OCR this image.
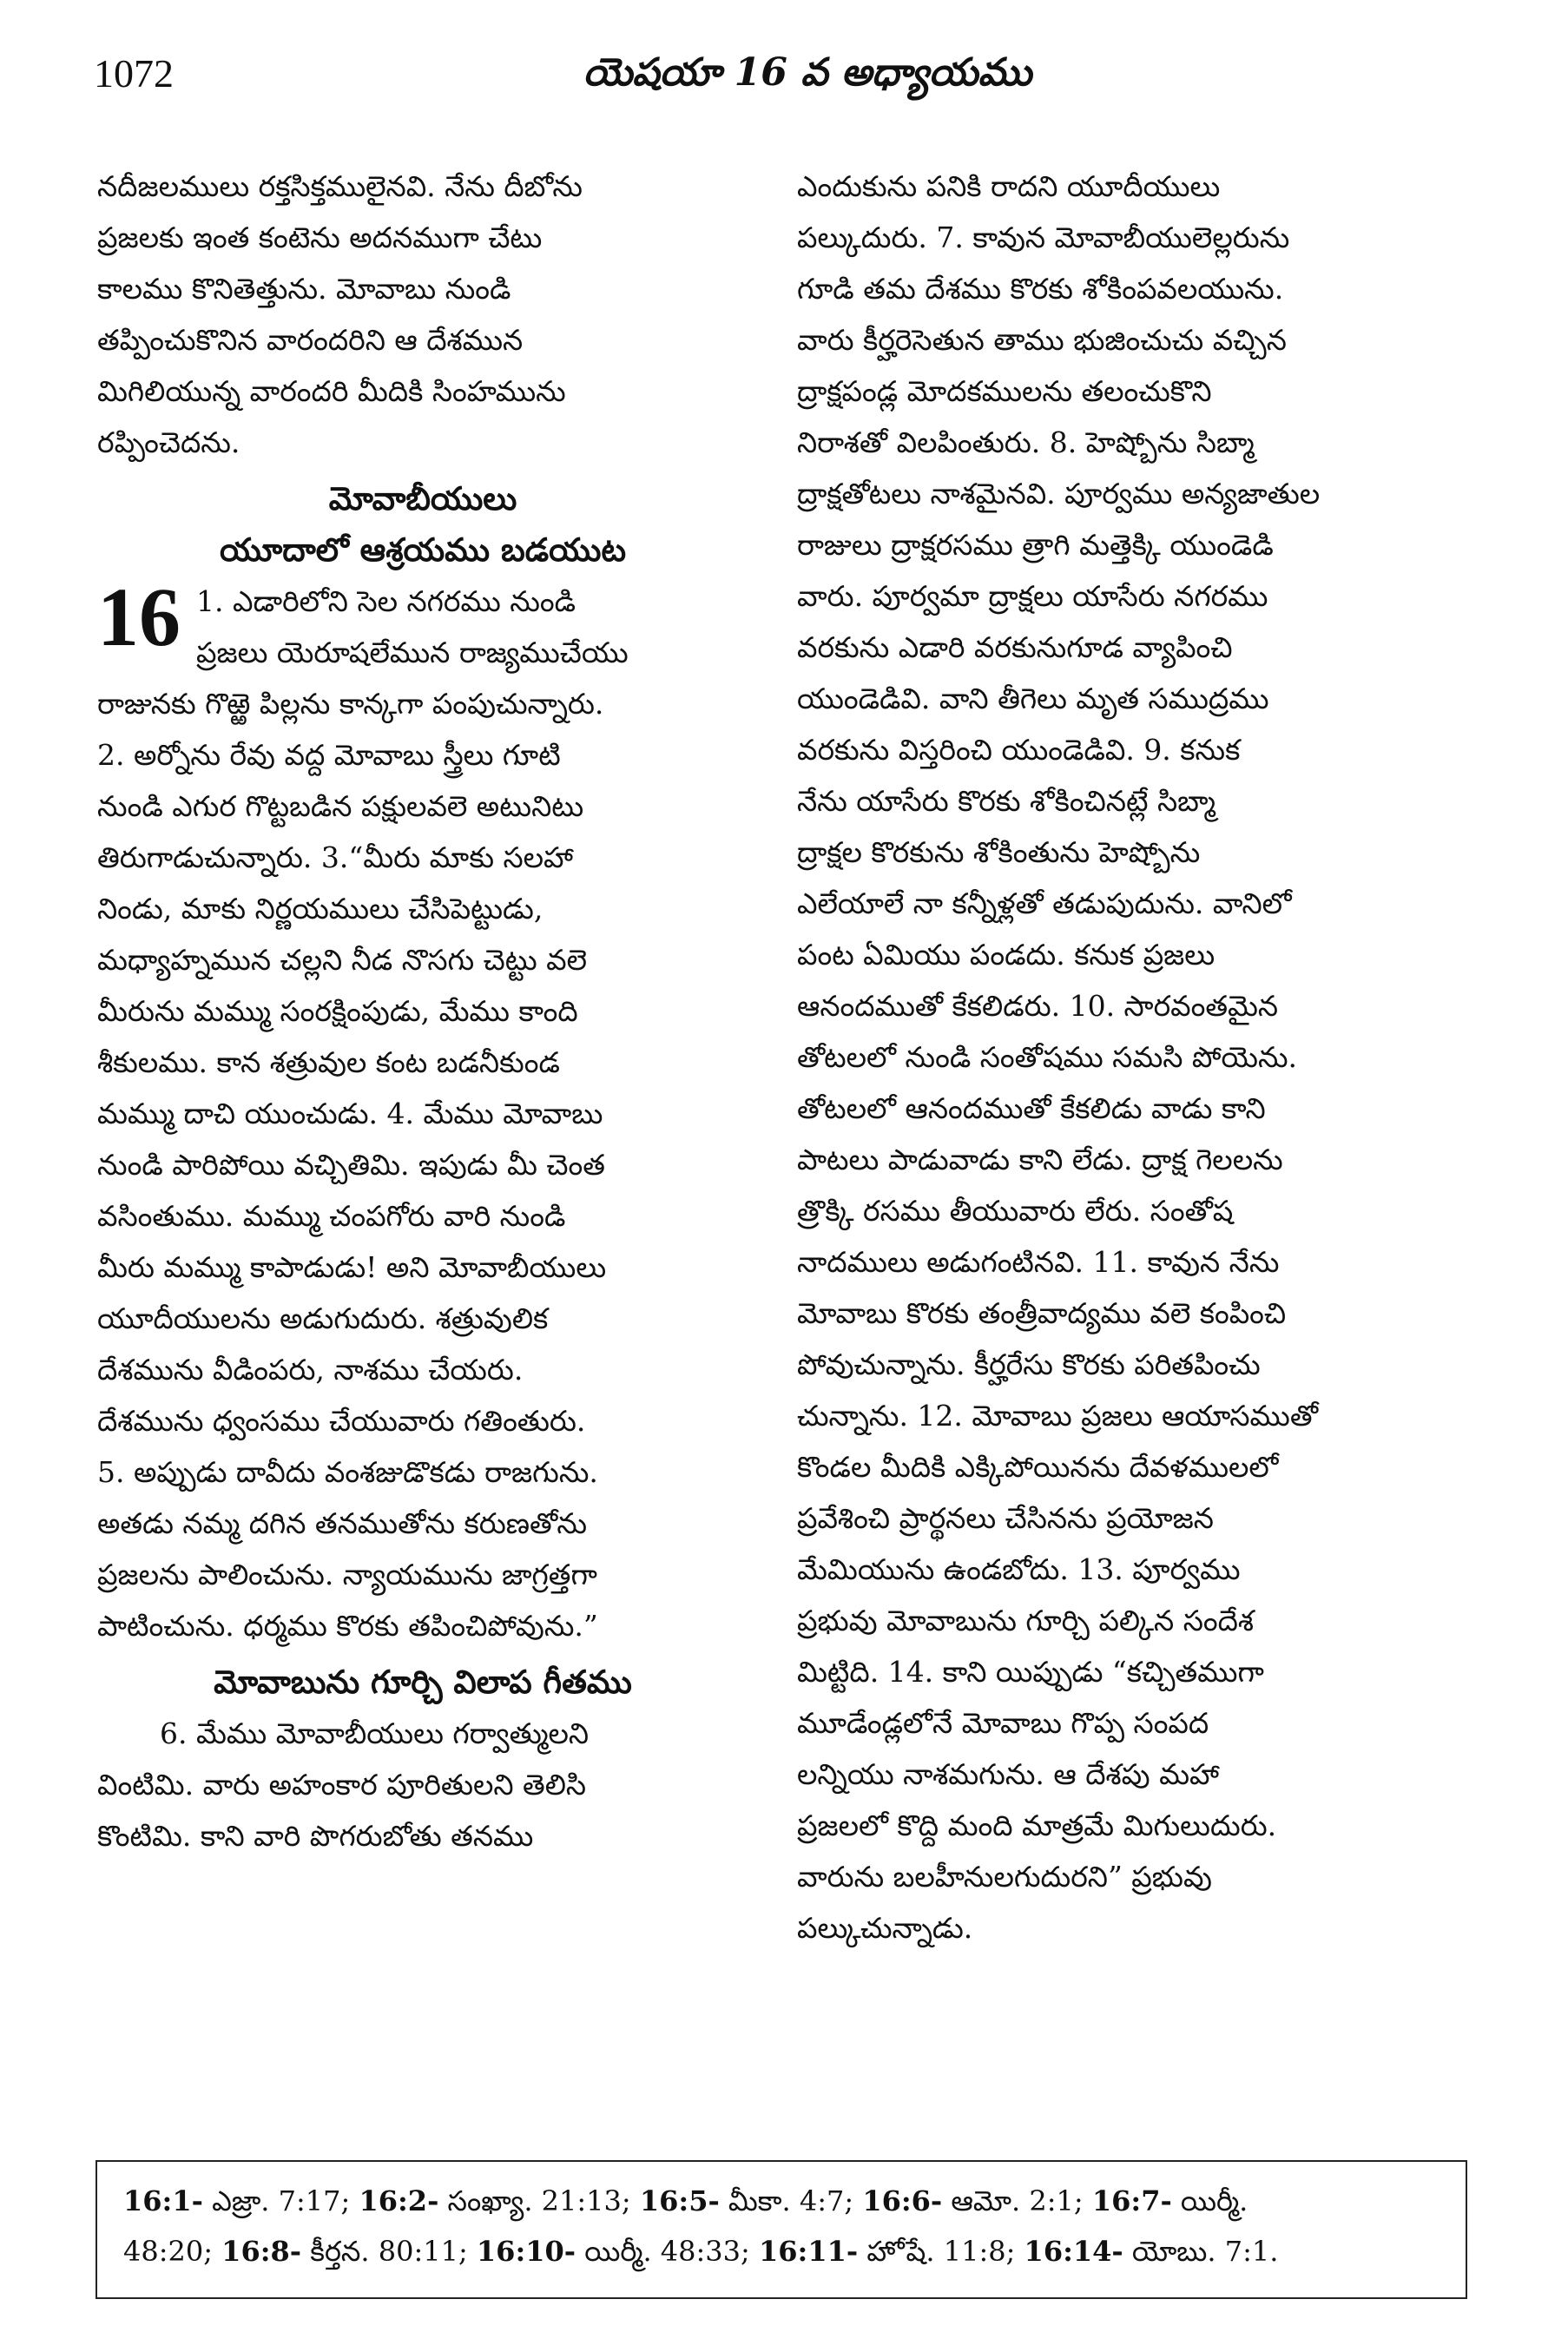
1072	యెషయా 16 వ అధ్యాయము
నదీజలములు రక్తసిక్తములైనవి. నేను దీబోను
ప్రజలకు ఇంత కంటెను అదనముగా చేటు
కాలము కొనితెత్తును. మోవాబు నుండి
తప్పించుకొనిన వారందరిని ఆ దేశమున
మిగిలియున్న వారందరి మీదికి సింహమును
రప్పించెదను.
మోవాబీయులు
యూదాలో ఆశ్రయము బడయుట
16 1. ఎడారిలోని సెల నగరము నుండి
ప్రజలు యెరూషలేమున రాజ్యముచేయు
రాజునకు గొఱ్ఱె పిల్లను కాన్కగా పంపుచున్నారు.
2. అర్నోను రేవు వద్ద మోవాబు స్త్రీలు గూటి
నుండి ఎగుర గొట్టబడిన పక్షులవలె అటునిటు
తిరుగాడుచున్నారు. 3.“మీరు మాకు సలహా
నిండు, మాకు నిర్ణయములు చేసిపెట్టుడు,
మధ్యాహ్నమున చల్లని నీడ నొసగు చెట్టు వలె
మీరును మమ్ము సంరక్షింపుడు, మేము కాంది
శీకులము. కాన శత్రువుల కంట బడనీకుండ
మమ్ము దాచి యుంచుడు. 4. మేము మోవాబు
నుండి పారిపోయి వచ్చితిమి. ఇపుడు మీ చెంత
వసింతుము. మమ్ము చంపగోరు వారి నుండి
మీరు మమ్ము కాపాడుడు! అని మోవాబీయులు
యూదీయులను అడుగుదురు. శత్రువులిక
దేశమును వీడింపరు, నాశము చేయరు.
దేశమును ధ్వంసము చేయువారు గతింతురు.
5. అప్పుడు దావీదు వంశజుడొకడు రాజగును.
అతడు నమ్మ దగిన తనముతోను కరుణతోను
ప్రజలను పాలించును. న్యాయమును జాగ్రత్తగా
పాటించును. ధర్మము కొరకు తపించిపోవును.”
మోవాబును గూర్చి విలాప గీతము
6. మేము మోవాబీయులు గర్వాత్ములని
వింటిమి. వారు అహంకార పూరితులని తెలిసి
కొంటిమి. కాని వారి పొగరుబోతు తనము
ఎందుకును పనికి రాదని యూదీయులు
పల్కుదురు. 7. కావున మోవాబీయులెల్లరును
గూడి తమ దేశము కొరకు శోకింపవలయును.
వారు కీర్హరెసెతున తాము భుజించుచు వచ్చిన
ద్రాక్షపండ్ల మోదకములను తలంచుకొని
నిరాశతో విలపింతురు. 8. హెష్బోను సిబ్మా
ద్రాక్షతోటలు నాశమైనవి. పూర్వము అన్యజాతుల
రాజులు ద్రాక్షరసము త్రాగి మత్తెక్కి యుండెడి
వారు. పూర్వమా ద్రాక్షలు యాసేరు నగరము
వరకును ఎడారి వరకునుగూడ వ్యాపించి
యుండెడివి. వాని తీగెలు మృత సముద్రము
వరకును విస్తరించి యుండెడివి. 9. కనుక
నేను యాసేరు కొరకు శోకించినట్లే సిబ్మా
ద్రాక్షల కొరకును శోకింతును హెష్బోను
ఎలేయాలే నా కన్నీళ్లతో తడుపుదును. వానిలో
పంట ఏమియు పండదు. కనుక ప్రజలు
ఆనందముతో కేకలిడరు. 10. సారవంతమైన
తోటలలో నుండి సంతోషము సమసి పోయెను.
తోటలలో ఆనందముతో కేకలిడు వాడు కాని
పాటలు పాడువాడు కాని లేడు. ద్రాక్ష గెలలను
త్రొక్కి రసము తీయువారు లేరు. సంతోష
నాదములు అడుగంటినవి. 11. కావున నేను
మోవాబు కొరకు తంత్రీవాద్యము వలె కంపించి
పోవుచున్నాను. కీర్హరేసు కొరకు పరితపించు
చున్నాను. 12. మోవాబు ప్రజలు ఆయాసముతో
కొండల మీదికి ఎక్కిపోయినను దేవళములలో
ప్రవేశించి ప్రార్థనలు చేసినను ప్రయోజన
మేమియును ఉండబోదు. 13. పూర్వము
ప్రభువు మోవాబును గూర్చి పల్కిన సందేశ
మిట్టిది. 14. కాని యిప్పుడు “కచ్చితముగా
మూడేండ్లలోనే మోవాబు గొప్ప సంపద
లన్నియు నాశమగును. ఆ దేశపు మహా
ప్రజలలో కొద్ది మంది మాత్రమే మిగులుదురు.
వారును బలహీనులగుదురని” ప్రభువు
పల్కుచున్నాడు.
16:1- ఎజ్రా. 7:17; 16:2- సంఖ్యా. 21:13; 16:5- మీకా. 4:7; 16:6- ఆమో. 2:1; 16:7- యిర్మీ.
48:20; 16:8- కీర్తన. 80:11; 16:10- యిర్మీ. 48:33; 16:11- హోషే. 11:8; 16:14- యోబు. 7:1.
